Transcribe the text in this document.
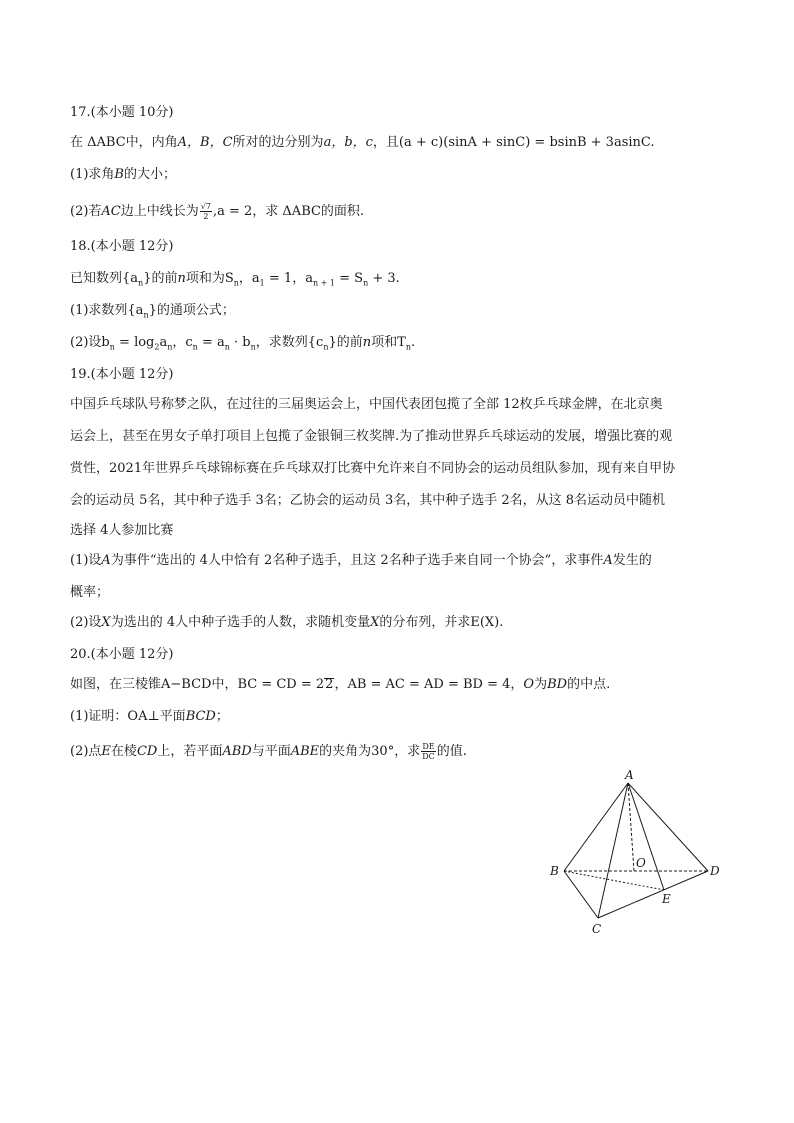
17.(本小题 10分)
在 ΔABC中，内角A，B，C所对的边分别为a，b，c，且(a + c)(sinA + sinC) = bsinB + 3asinC.
(1)求角B的大小；
(2)若AC边上中线长为 $\frac{√7}{2} ,a = 2$，求 ΔABC的面积.
18.(本小题 12分)
已知数列$\{a_n\}$的前n项和为$S_n$，$a_1 = 1$，$a_{n + 1} = S_n + 3$.
(1)求数列$\{a_n\}$的通项公式；
(2)设$b_n = \log_2a_n$，$c_n = a_n \cdot b_n$，求数列$\{c_n\}$的前n项和$T_n$.
19.(本小题 12分)
中国乒乓球队号称梦之队，在过往的三届奥运会上，中国代表团包揽了全部 12枚乒乓球金牌，在北京奥
运会上，甚至在男女子单打项目上包揽了金银铜三枚奖牌.为了推动世界乒乓球运动的发展，增强比赛的观
赏性，2021年世界乒乓球锦标赛在乒乓球双打比赛中允许来自不同协会的运动员组队参加，现有来自甲协
会的运动员 5名，其中种子选手 3名；乙协会的运动员 3名，其中种子选手 2名，从这 8名运动员中随机
选择 4人参加比赛
(1)设A为事件“选出的 4人中恰有 2名种子选手，且这 2名种子选手来自同一个协会”，求事件A发生的
概率；
(2)设X为选出的 4人中种子选手的人数，求随机变量X的分布列，并求E(X).
20.(本小题 12分)
如图，在三棱锥A−BCD中，BC = CD = 22，AB = AC = AD = BD = 4，O为BD的中点.
(1)证明：OA⊥平面BCD；
(2)点E在棱CD上，若平面ABD与平面ABE的夹角为30°，求 $\frac{DE}{DC}$ 的值.
A
B
C
D
E
O
